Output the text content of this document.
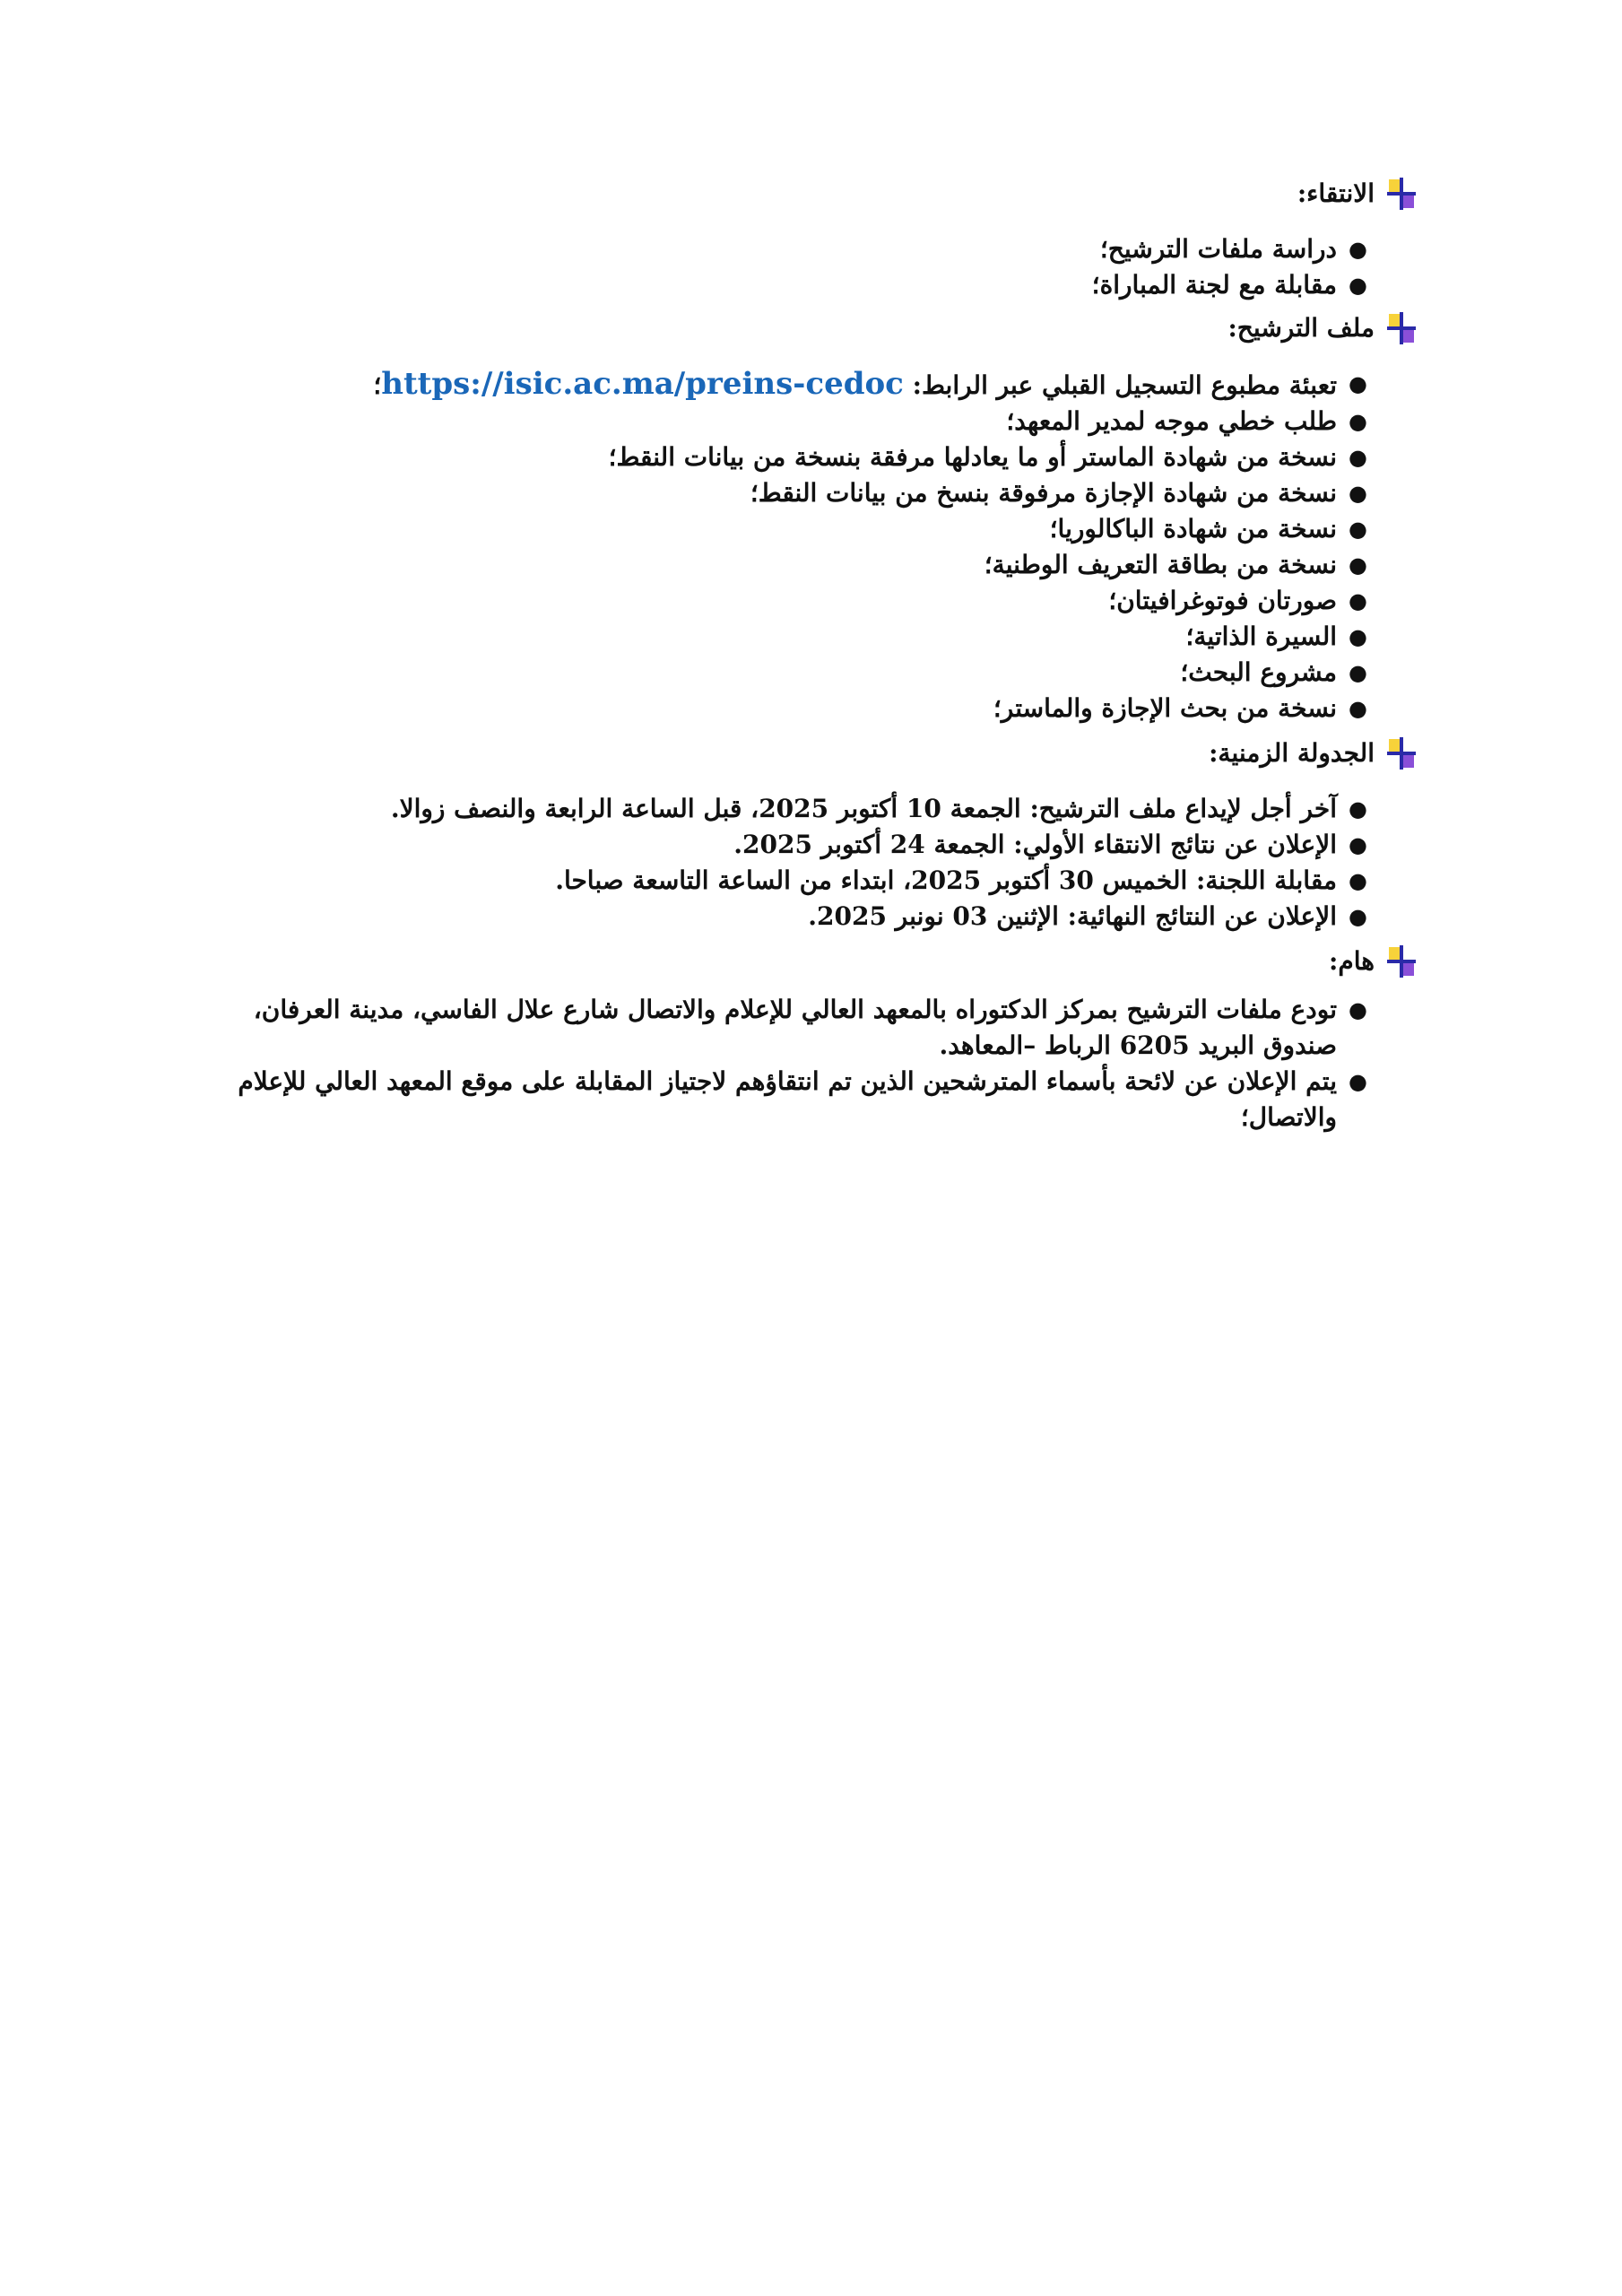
الانتقاء:
●
دراسة ملفات الترشيح؛
●
مقابلة مع لجنة المباراة؛
ملف الترشيح:
●
تعبئة مطبوع التسجيل القبلي عبر الرابط: https://isic.ac.ma/preins-cedoc؛
●
طلب خطي موجه لمدير المعهد؛
●
نسخة من شهادة الماستر أو ما يعادلها مرفقة بنسخة من بيانات النقط؛
●
نسخة من شهادة الإجازة مرفوقة بنسخ من بيانات النقط؛
●
نسخة من شهادة الباكالوريا؛
●
نسخة من بطاقة التعريف الوطنية؛
●
صورتان فوتوغرافيتان؛
●
السيرة الذاتية؛
●
مشروع البحث؛
●
نسخة من بحث الإجازة والماستر؛
الجدولة الزمنية:
●
آخر أجل لإيداع ملف الترشيح: الجمعة 10 أكتوبر 2025، قبل الساعة الرابعة والنصف زوالا.
●
الإعلان عن نتائج الانتقاء الأولي: الجمعة 24 أكتوبر 2025.
●
مقابلة اللجنة: الخميس 30 أكتوبر 2025، ابتداء من الساعة التاسعة صباحا.
●
الإعلان عن النتائج النهائية: الإثنين 03 نونبر 2025.
هام:
●
تودع ملفات الترشيح بمركز الدكتوراه بالمعهد العالي للإعلام والاتصال شارع علال الفاسي، مدينة العرفان، صندوق البريد 6205 الرباط –المعاهد.
●
يتم الإعلان عن لائحة بأسماء المترشحين الذين تم انتقاؤهم لاجتياز المقابلة على موقع المعهد العالي للإعلام والاتصال؛
